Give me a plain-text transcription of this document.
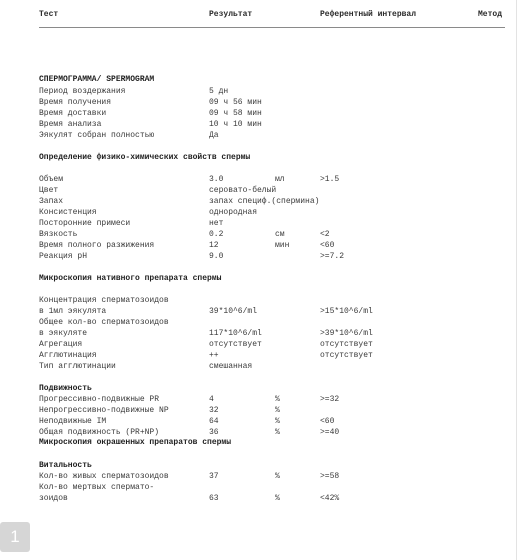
Тест	Результат	Референтный интервал	Метод
СПЕРМОГРАММА/ SPERMOGRAM
Период воздержания	5 дн
Время получения	09 ч 56 мин
Время доставки	09 ч 58 мин
Время анализа	10 ч 10 мин
Эякулят собран полностью	Да
Определение физико-химических свойств спермы
Объем	3.0	мл	>1.5
Цвет	серовато-белый
Запах	запах специф.(спермина)
Консистенция	однородная
Посторонние примеси	нет
Вязкость	0.2	см	<2
Время полного разжижения	12	мин	<60
Реакция pH	9.0	>=7.2
Микроскопия нативного препарата спермы
Концентрация сперматозоидов
в 1мл эякулята	39*10^6/ml	>15*10^6/ml
Общее кол-во сперматозоидов
в эякуляте	117*10^6/ml	>39*10^6/ml
Агрегация	отсутствует	отсутствует
Агглютинация	++	отсутствует
Тип агглютинации	смешанная
Подвижность
Прогрессивно-подвижные PR	4	%	>=32
Непрогрессивно-подвижные NP	32	%
Неподвижные IM	64	%	<60
Общая подвижность (PR+NP)	36	%	>=40
Микроскопия окрашенных препаратов спермы
Витальность
Кол-во живых сперматозоидов	37	%	>=58
Кол-во мертвых сперматo-
зоидов	63	%	<42%
1
